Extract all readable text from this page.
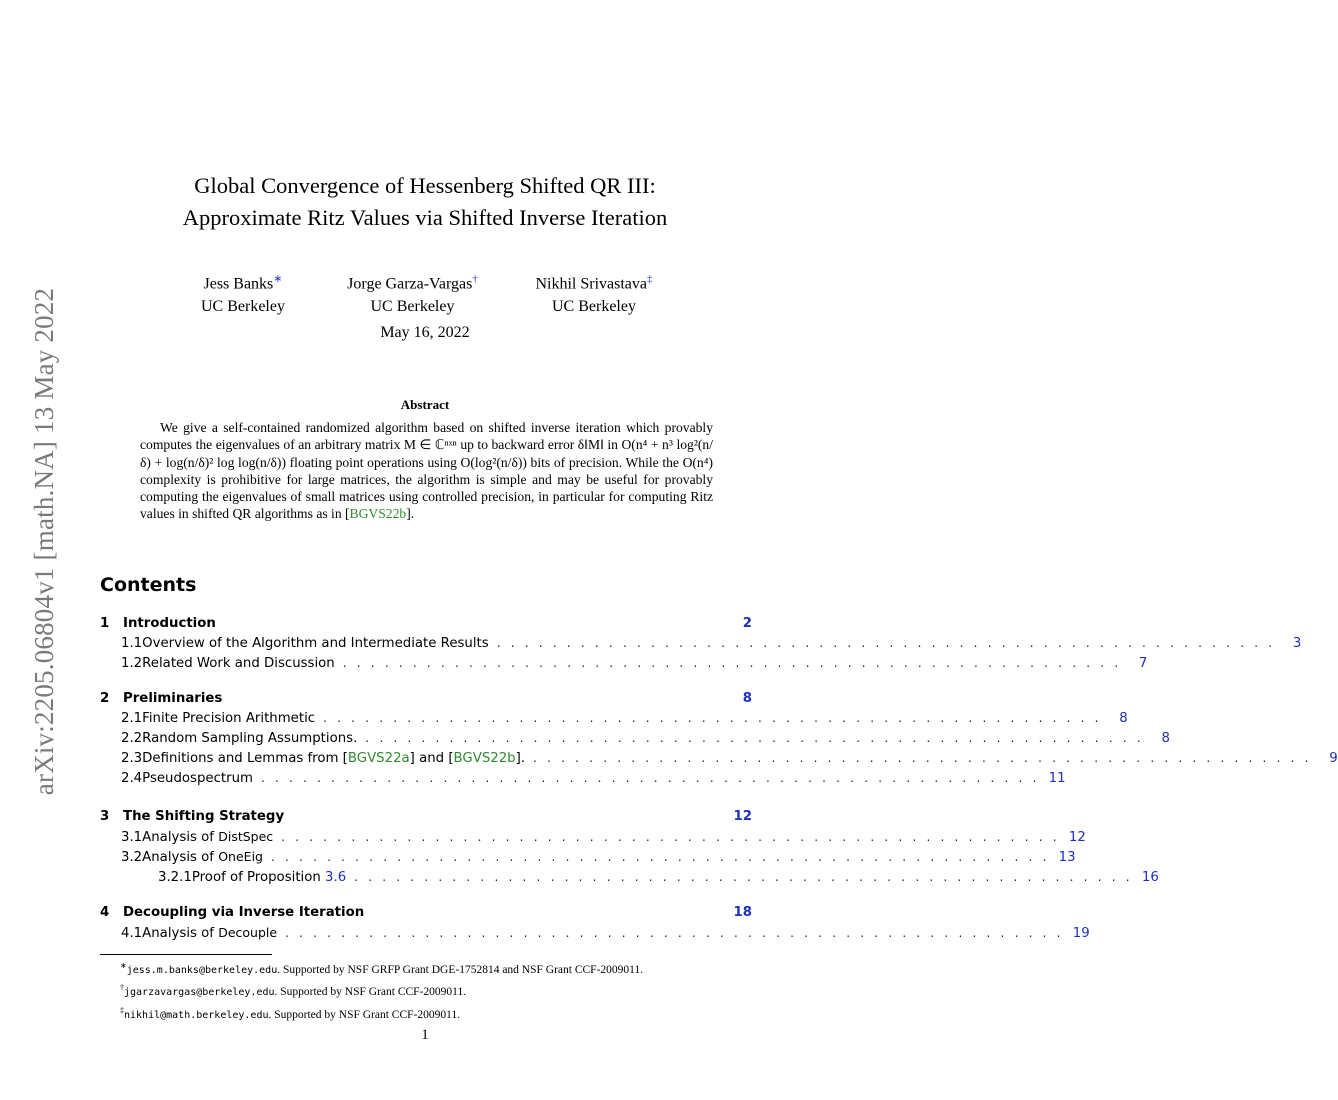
arXiv:2205.06804v1 [math.NA] 13 May 2022
Global Convergence of Hessenberg Shifted QR III:
Approximate Ritz Values via Shifted Inverse Iteration
Jess Banks∗
UC Berkeley
Jorge Garza-Vargas†
UC Berkeley
Nikhil Srivastava‡
UC Berkeley
May 16, 2022
Abstract
We give a self-contained randomized algorithm based on shifted inverse iteration which provably computes the eigenvalues of an arbitrary matrix M ∈ ℂⁿˣⁿ up to backward error δ‖M‖ in O(n⁴ + n³ log²(n/δ) + log(n/δ)² log log(n/δ)) floating point operations using O(log²(n/δ)) bits of precision. While the O(n⁴) complexity is prohibitive for large matrices, the algorithm is simple and may be useful for provably computing the eigenvalues of small matrices using controlled precision, in particular for computing Ritz values in shifted QR algorithms as in [BGVS22b].
Contents
1	Introduction	2
1.1 Overview of the Algorithm and Intermediate Results . . . . . . . . . . . . . . . . . . . . . . . . . . . . . . . . . . . . . . . . . . . . . . . . . . . . . . . .	3
1.2 Related Work and Discussion . . . . . . . . . . . . . . . . . . . . . . . . . . . . . . . . . . . . . . . . . . . . . . . . . . . . . . . .	7
2	Preliminaries	8
2.1 Finite Precision Arithmetic . . . . . . . . . . . . . . . . . . . . . . . . . . . . . . . . . . . . . . . . . . . . . . . . . . . . . . . .	8
2.2 Random Sampling Assumptions. . . . . . . . . . . . . . . . . . . . . . . . . . . . . . . . . . . . . . . . . . . . . . . . . . . . . . . . .	8
2.3 Definitions and Lemmas from [BGVS22a] and [BGVS22b]. . . . . . . . . . . . . . . . . . . . . . . . . . . . . . . . . . . . . . . . . . . . . . . . . . . . . . . . .	9
2.4 Pseudospectrum . . . . . . . . . . . . . . . . . . . . . . . . . . . . . . . . . . . . . . . . . . . . . . . . . . . . . . . . 11
3	The Shifting Strategy	12
3.1 Analysis of DistSpec . . . . . . . . . . . . . . . . . . . . . . . . . . . . . . . . . . . . . . . . . . . . . . . . . . . . . . . . 12
3.2 Analysis of OneEig . . . . . . . . . . . . . . . . . . . . . . . . . . . . . . . . . . . . . . . . . . . . . . . . . . . . . . . . 13
3.2.1 Proof of Proposition 3.6 . . . . . . . . . . . . . . . . . . . . . . . . . . . . . . . . . . . . . . . . . . . . . . . . . . . . . . . . 16
4	Decoupling via Inverse Iteration	18
4.1 Analysis of Decouple . . . . . . . . . . . . . . . . . . . . . . . . . . . . . . . . . . . . . . . . . . . . . . . . . . . . . . . . 19
∗jess.m.banks@berkeley.edu. Supported by NSF GRFP Grant DGE-1752814 and NSF Grant CCF-2009011.
†jgarzavargas@berkeley.edu. Supported by NSF Grant CCF-2009011.
‡nikhil@math.berkeley.edu. Supported by NSF Grant CCF-2009011.
1
